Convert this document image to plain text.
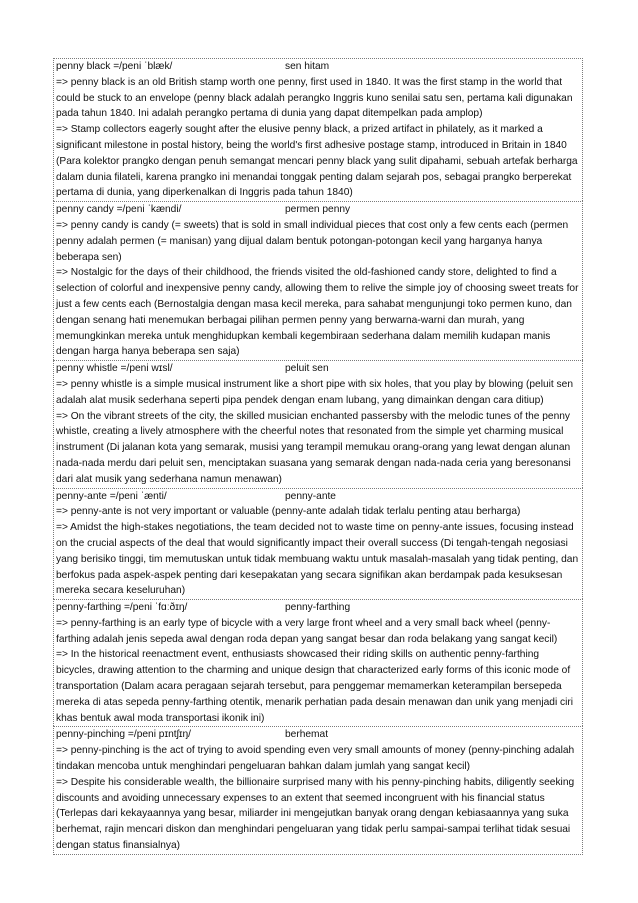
penny black =/peni ˈblæk/	sen hitam

=> penny black is an old British stamp worth one penny, first used in 1840. It was the first stamp in the world that could be stuck to an envelope (penny black adalah perangko Inggris kuno senilai satu sen, pertama kali digunakan pada tahun 1840. Ini adalah perangko pertama di dunia yang dapat ditempelkan pada amplop)

=> Stamp collectors eagerly sought after the elusive penny black, a prized artifact in philately, as it marked a significant milestone in postal history, being the world's first adhesive postage stamp, introduced in Britain in 1840 (Para kolektor prangko dengan penuh semangat mencari penny black yang sulit dipahami, sebuah artefak berharga dalam dunia filateli, karena prangko ini menandai tonggak penting dalam sejarah pos, sebagai prangko berperekat pertama di dunia, yang diperkenalkan di Inggris pada tahun 1840)

penny candy =/peni ˈkændi/	permen penny

=> penny candy is candy (= sweets) that is sold in small individual pieces that cost only a few cents each (permen penny adalah permen (= manisan) yang dijual dalam bentuk potongan-potongan kecil yang harganya hanya beberapa sen)

=> Nostalgic for the days of their childhood, the friends visited the old-fashioned candy store, delighted to find a selection of colorful and inexpensive penny candy, allowing them to relive the simple joy of choosing sweet treats for just a few cents each (Bernostalgia dengan masa kecil mereka, para sahabat mengunjungi toko permen kuno, dan dengan senang hati menemukan berbagai pilihan permen penny yang berwarna-warni dan murah, yang memungkinkan mereka untuk menghidupkan kembali kegembiraan sederhana dalam memilih kudapan manis dengan harga hanya beberapa sen saja)

penny whistle =/peni wɪsl/	peluit sen

=> penny whistle is a simple musical instrument like a short pipe with six holes, that you play by blowing (peluit sen adalah alat musik sederhana seperti pipa pendek dengan enam lubang, yang dimainkan dengan cara ditiup)

=> On the vibrant streets of the city, the skilled musician enchanted passersby with the melodic tunes of the penny whistle, creating a lively atmosphere with the cheerful notes that resonated from the simple yet charming musical instrument (Di jalanan kota yang semarak, musisi yang terampil memukau orang-orang yang lewat dengan alunan nada-nada merdu dari peluit sen, menciptakan suasana yang semarak dengan nada-nada ceria yang beresonansi dari alat musik yang sederhana namun menawan)

penny-ante =/peni ˈænti/	penny-ante

=> penny-ante is not very important or valuable (penny-ante adalah tidak terlalu penting atau berharga)

=> Amidst the high-stakes negotiations, the team decided not to waste time on penny-ante issues, focusing instead on the crucial aspects of the deal that would significantly impact their overall success (Di tengah-tengah negosiasi yang berisiko tinggi, tim memutuskan untuk tidak membuang waktu untuk masalah-masalah yang tidak penting, dan berfokus pada aspek-aspek penting dari kesepakatan yang secara signifikan akan berdampak pada kesuksesan mereka secara keseluruhan)

penny-farthing =/peni ˈfɑːðɪŋ/	penny-farthing

=> penny-farthing is an early type of bicycle with a very large front wheel and a very small back wheel (penny-farthing adalah jenis sepeda awal dengan roda depan yang sangat besar dan roda belakang yang sangat kecil)

=> In the historical reenactment event, enthusiasts showcased their riding skills on authentic penny-farthing bicycles, drawing attention to the charming and unique design that characterized early forms of this iconic mode of transportation (Dalam acara peragaan sejarah tersebut, para penggemar memamerkan keterampilan bersepeda mereka di atas sepeda penny-farthing otentik, menarik perhatian pada desain menawan dan unik yang menjadi ciri khas bentuk awal moda transportasi ikonik ini)

penny-pinching =/peni pɪntʃɪŋ/	berhemat

=> penny-pinching is the act of trying to avoid spending even very small amounts of money (penny-pinching adalah tindakan mencoba untuk menghindari pengeluaran bahkan dalam jumlah yang sangat kecil)

=> Despite his considerable wealth, the billionaire surprised many with his penny-pinching habits, diligently seeking discounts and avoiding unnecessary expenses to an extent that seemed incongruent with his financial status (Terlepas dari kekayaannya yang besar, miliarder ini mengejutkan banyak orang dengan kebiasaannya yang suka berhemat, rajin mencari diskon dan menghindari pengeluaran yang tidak perlu sampai-sampai terlihat tidak sesuai dengan status finansialnya)
